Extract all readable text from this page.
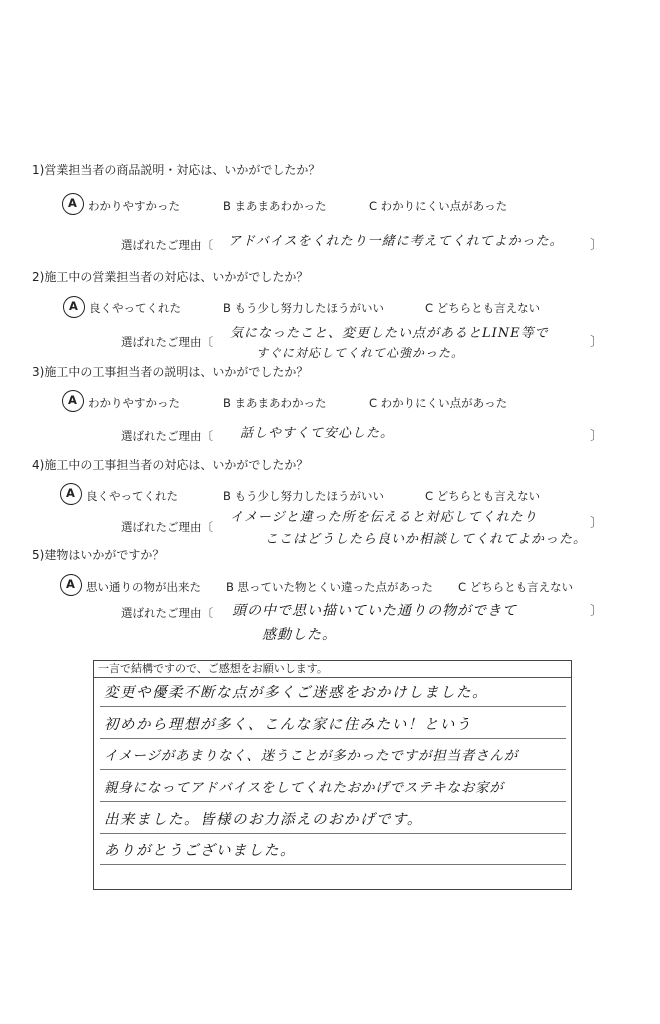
1)営業担当者の商品説明・対応は、いかがでしたか？
A わかりやすかった	B まあまあわかった	C わかりにくい点があった
選ばれたご理由〔 アドバイスをくれたり一緒に考えてくれてよかった。 〕
2)施工中の営業担当者の対応は、いかがでしたか？
A 良くやってくれた	B もう少し努力したほうがいい	C どちらとも言えない
選ばれたご理由〔
気になったこと、変更したい点があるとLINE等で
すぐに対応してくれて心強かった。
〕
3)施工中の工事担当者の説明は、いかがでしたか？
A わかりやすかった	B まあまあわかった	C わかりにくい点があった
選ばれたご理由〔 話しやすくて安心した。	〕
4)施工中の工事担当者の対応は、いかがでしたか？
A 良くやってくれた	B もう少し努力したほうがいい	C どちらとも言えない
選ばれたご理由〔
イメージと違った所を伝えると対応してくれたり
ここはどうしたら良いか相談してくれてよかった。
〕
5)建物はいかがですか？
A 思い通りの物が出来た B 思っていた物とくい違った点があった C どちらとも言えない
選ばれたご理由〔 頭の中で思い描いていた通りの物ができて
感動した。
〕
一言で結構ですので、ご感想をお願いします。
変更や優柔不断な点が多くご迷惑をおかけしました。
初めから理想が多く、こんな家に住みたい！という
イメージがあまりなく、迷うことが多かったですが担当者さんが
親身になってアドバイスをしてくれたおかげでステキなお家が
出来ました。皆様のお力添えのおかげです。
ありがとうございました。
